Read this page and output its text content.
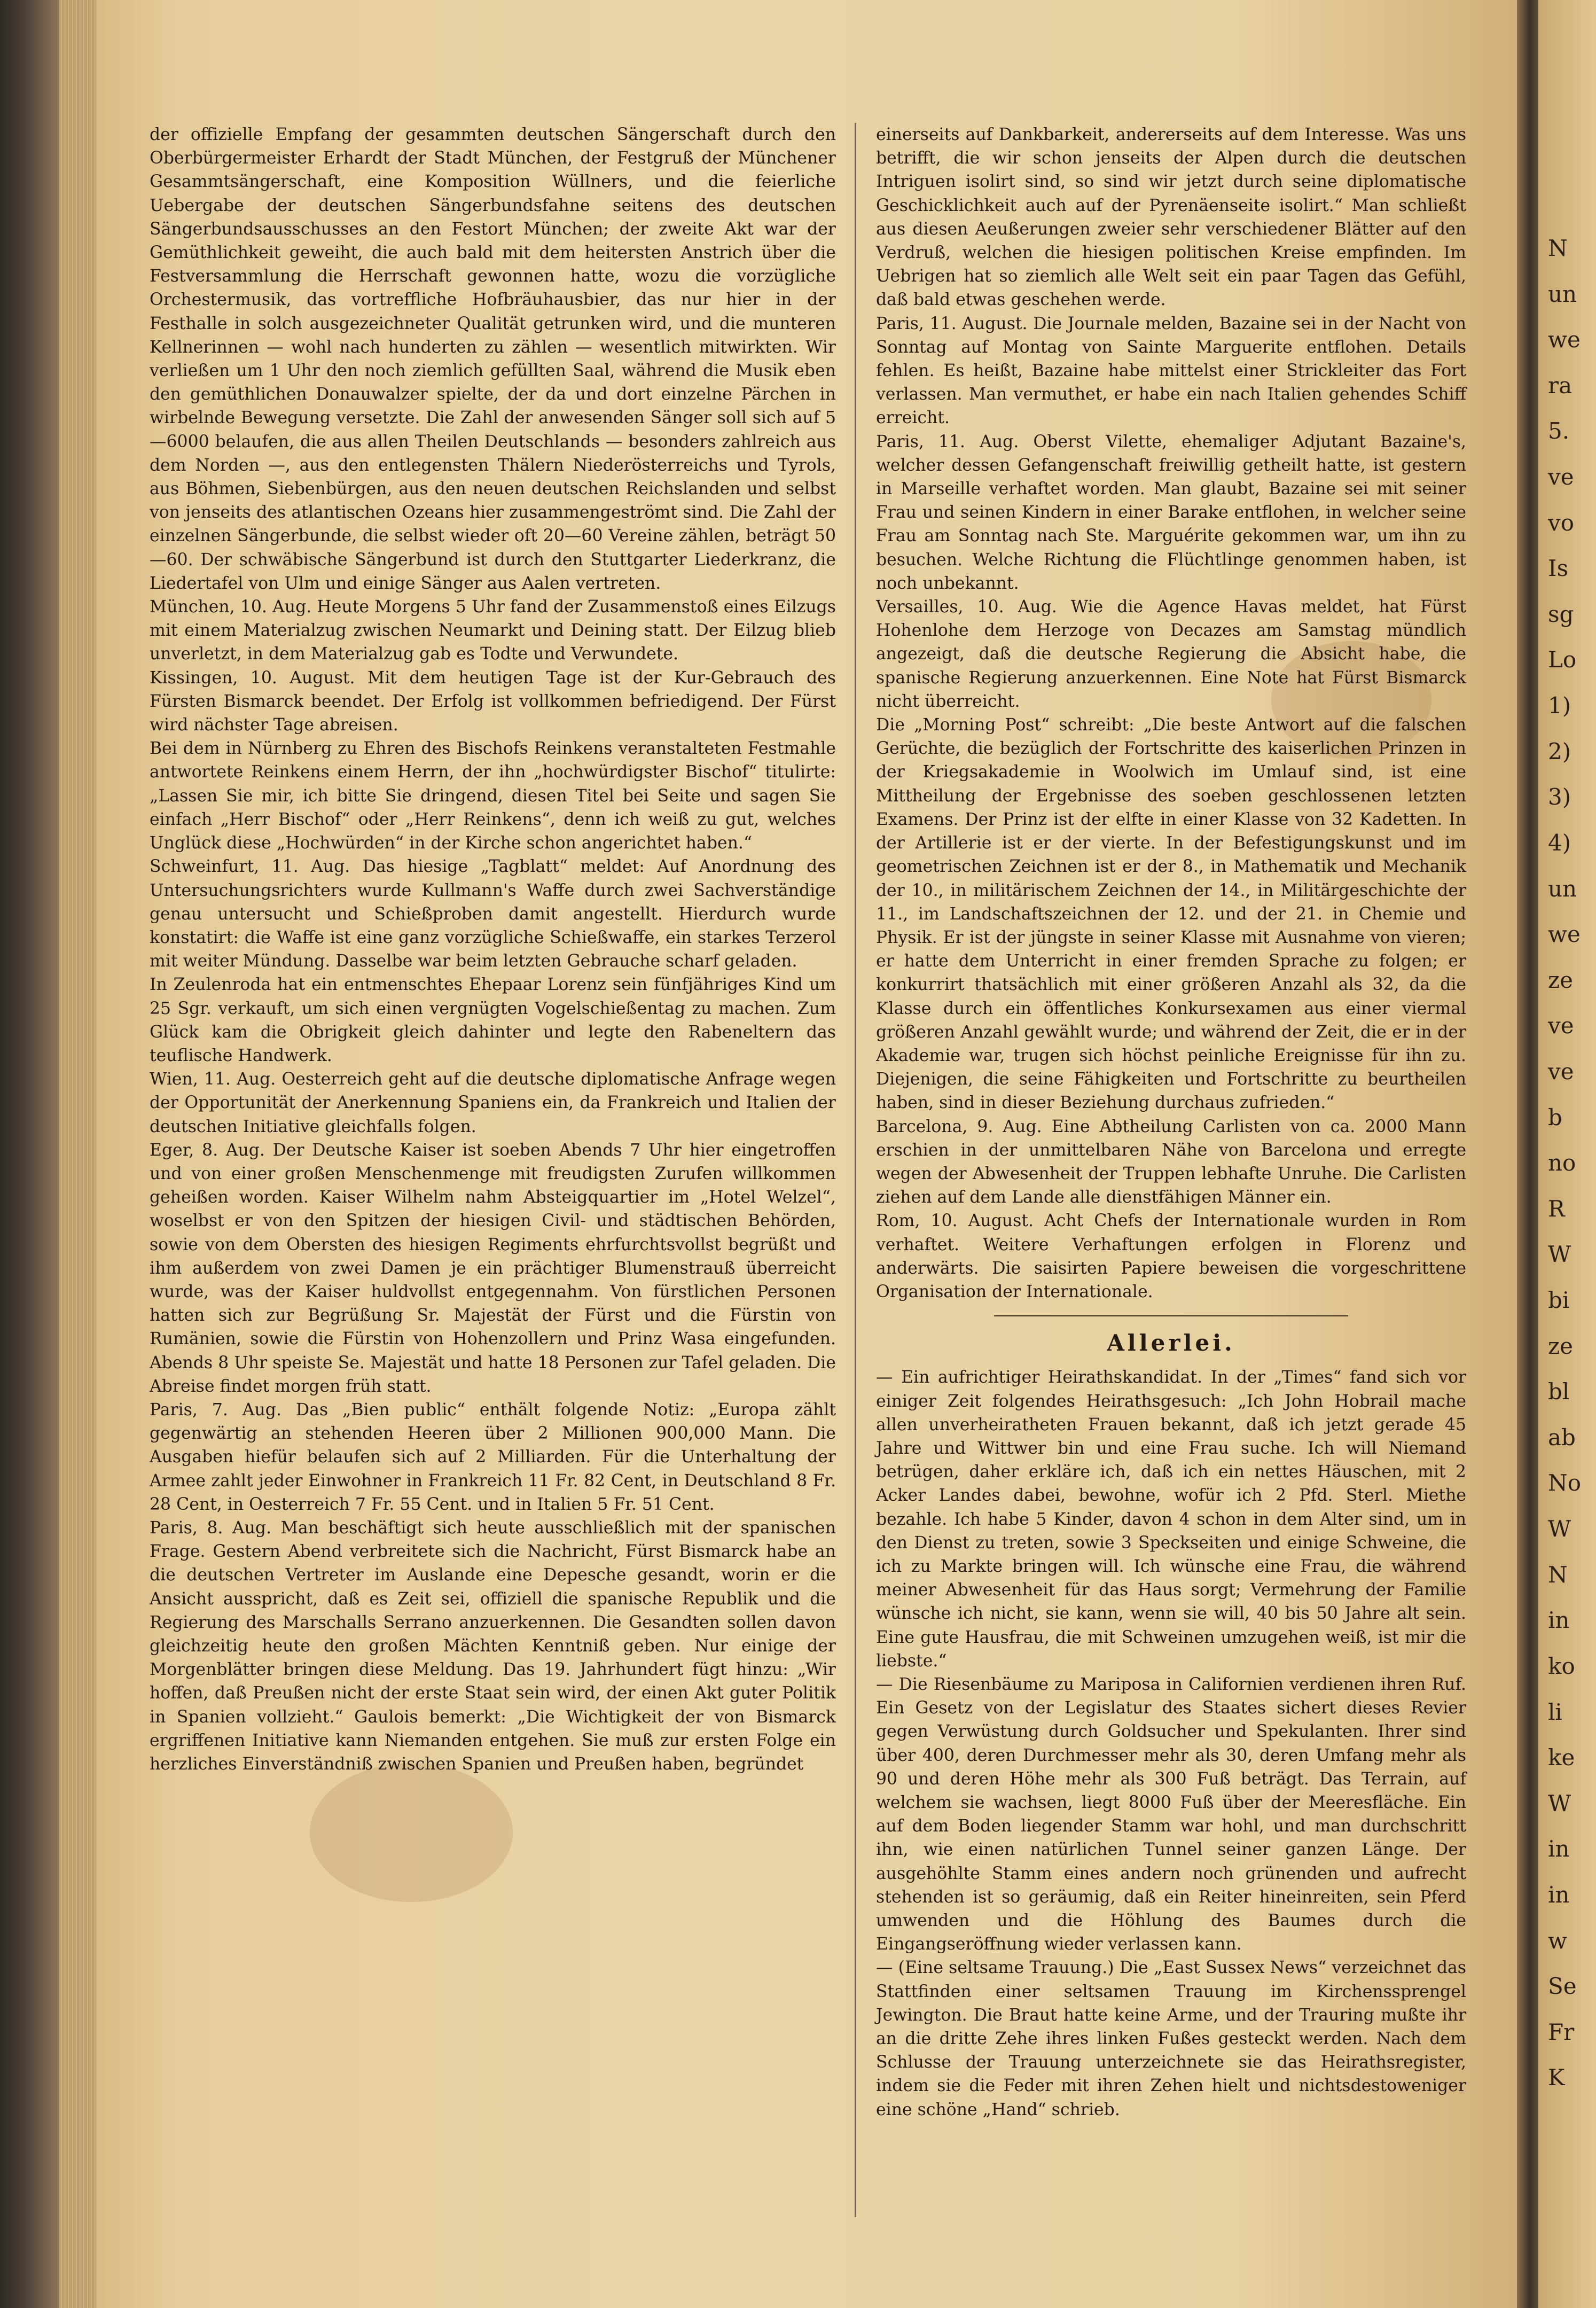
der offizielle Empfang der gesammten deutschen Sängerschaft durch den Oberbürgermeister Erhardt der Stadt München, der Festgruß der Münchener Gesammtsängerschaft, eine Komposition Wüllners, und die feierliche Uebergabe der deutschen Sängerbundsfahne seitens des deutschen Sängerbundsausschusses an den Festort München; der zweite Akt war der Gemüthlichkeit geweiht, die auch bald mit dem heitersten Anstrich über die Festversammlung die Herrschaft gewonnen hatte, wozu die vorzügliche Orchestermusik, das vortreffliche Hofbräuhausbier, das nur hier in der Festhalle in solch ausgezeichneter Qualität getrunken wird, und die munteren Kellnerinnen — wohl nach hunderten zu zählen — wesentlich mitwirkten. Wir verließen um 1 Uhr den noch ziemlich gefüllten Saal, während die Musik eben den gemüthlichen Donauwalzer spielte, der da und dort einzelne Pärchen in wirbelnde Bewegung versetzte. Die Zahl der anwesenden Sänger soll sich auf 5—6000 belaufen, die aus allen Theilen Deutschlands — besonders zahlreich aus dem Norden —, aus den entlegensten Thälern Niederösterreichs und Tyrols, aus Böhmen, Siebenbürgen, aus den neuen deutschen Reichslanden und selbst von jenseits des atlantischen Ozeans hier zusammengeströmt sind. Die Zahl der einzelnen Sängerbunde, die selbst wieder oft 20—60 Vereine zählen, beträgt 50—60. Der schwäbische Sängerbund ist durch den Stuttgarter Liederkranz, die Liedertafel von Ulm und einige Sänger aus Aalen vertreten.

München, 10. Aug. Heute Morgens 5 Uhr fand der Zusammenstoß eines Eilzugs mit einem Materialzug zwischen Neumarkt und Deining statt. Der Eilzug blieb unverletzt, in dem Materialzug gab es Todte und Verwundete.

Kissingen, 10. August. Mit dem heutigen Tage ist der Kur-Gebrauch des Fürsten Bismarck beendet. Der Erfolg ist vollkommen befriedigend. Der Fürst wird nächster Tage abreisen.

Bei dem in Nürnberg zu Ehren des Bischofs Reinkens veranstalteten Festmahle antwortete Reinkens einem Herrn, der ihn „hochwürdigster Bischof“ titulirte: „Lassen Sie mir, ich bitte Sie dringend, diesen Titel bei Seite und sagen Sie einfach „Herr Bischof“ oder „Herr Reinkens“, denn ich weiß zu gut, welches Unglück diese „Hochwürden“ in der Kirche schon angerichtet haben.“

Schweinfurt, 11. Aug. Das hiesige „Tagblatt“ meldet: Auf Anordnung des Untersuchungsrichters wurde Kullmann's Waffe durch zwei Sachverständige genau untersucht und Schießproben damit angestellt. Hierdurch wurde konstatirt: die Waffe ist eine ganz vorzügliche Schießwaffe, ein starkes Terzerol mit weiter Mündung. Dasselbe war beim letzten Gebrauche scharf geladen.

In Zeulenroda hat ein entmenschtes Ehepaar Lorenz sein fünfjähriges Kind um 25 Sgr. verkauft, um sich einen vergnügten Vogelschießentag zu machen. Zum Glück kam die Obrigkeit gleich dahinter und legte den Rabeneltern das teuflische Handwerk.

Wien, 11. Aug. Oesterreich geht auf die deutsche diplomatische Anfrage wegen der Opportunität der Anerkennung Spaniens ein, da Frankreich und Italien der deutschen Initiative gleichfalls folgen.

Eger, 8. Aug. Der Deutsche Kaiser ist soeben Abends 7 Uhr hier eingetroffen und von einer großen Menschenmenge mit freudigsten Zurufen willkommen geheißen worden. Kaiser Wilhelm nahm Absteigquartier im „Hotel Welzel“, woselbst er von den Spitzen der hiesigen Civil- und städtischen Behörden, sowie von dem Obersten des hiesigen Regiments ehrfurchtsvollst begrüßt und ihm außerdem von zwei Damen je ein prächtiger Blumenstrauß überreicht wurde, was der Kaiser huldvollst entgegennahm. Von fürstlichen Personen hatten sich zur Begrüßung Sr. Majestät der Fürst und die Fürstin von Rumänien, sowie die Fürstin von Hohenzollern und Prinz Wasa eingefunden. Abends 8 Uhr speiste Se. Majestät und hatte 18 Personen zur Tafel geladen. Die Abreise findet morgen früh statt.

Paris, 7. Aug. Das „Bien public“ enthält folgende Notiz: „Europa zählt gegenwärtig an stehenden Heeren über 2 Millionen 900,000 Mann. Die Ausgaben hiefür belaufen sich auf 2 Milliarden. Für die Unterhaltung der Armee zahlt jeder Einwohner in Frankreich 11 Fr. 82 Cent, in Deutschland 8 Fr. 28 Cent, in Oesterreich 7 Fr. 55 Cent. und in Italien 5 Fr. 51 Cent.

Paris, 8. Aug. Man beschäftigt sich heute ausschließlich mit der spanischen Frage. Gestern Abend verbreitete sich die Nachricht, Fürst Bismarck habe an die deutschen Vertreter im Auslande eine Depesche gesandt, worin er die Ansicht ausspricht, daß es Zeit sei, offiziell die spanische Republik und die Regierung des Marschalls Serrano anzuerkennen. Die Gesandten sollen davon gleichzeitig heute den großen Mächten Kenntniß geben. Nur einige der Morgenblätter bringen diese Meldung. Das 19. Jahrhundert fügt hinzu: „Wir hoffen, daß Preußen nicht der erste Staat sein wird, der einen Akt guter Politik in Spanien vollzieht.“ Gaulois bemerkt: „Die Wichtigkeit der von Bismarck ergriffenen Initiative kann Niemanden entgehen. Sie muß zur ersten Folge ein herzliches Einverständniß zwischen Spanien und Preußen haben, begründet

einerseits auf Dankbarkeit, andererseits auf dem Interesse. Was uns betrifft, die wir schon jenseits der Alpen durch die deutschen Intriguen isolirt sind, so sind wir jetzt durch seine diplomatische Geschicklichkeit auch auf der Pyrenäenseite isolirt.“ Man schließt aus diesen Aeußerungen zweier sehr verschiedener Blätter auf den Verdruß, welchen die hiesigen politischen Kreise empfinden. Im Uebrigen hat so ziemlich alle Welt seit ein paar Tagen das Gefühl, daß bald etwas geschehen werde.

Paris, 11. August. Die Journale melden, Bazaine sei in der Nacht von Sonntag auf Montag von Sainte Marguerite entflohen. Details fehlen. Es heißt, Bazaine habe mittelst einer Strickleiter das Fort verlassen. Man vermuthet, er habe ein nach Italien gehendes Schiff erreicht.

Paris, 11. Aug. Oberst Vilette, ehemaliger Adjutant Bazaine's, welcher dessen Gefangenschaft freiwillig getheilt hatte, ist gestern in Marseille verhaftet worden. Man glaubt, Bazaine sei mit seiner Frau und seinen Kindern in einer Barake entflohen, in welcher seine Frau am Sonntag nach Ste. Marguérite gekommen war, um ihn zu besuchen. Welche Richtung die Flüchtlinge genommen haben, ist noch unbekannt.

Versailles, 10. Aug. Wie die Agence Havas meldet, hat Fürst Hohenlohe dem Herzoge von Decazes am Samstag mündlich angezeigt, daß die deutsche Regierung die Absicht habe, die spanische Regierung anzuerkennen. Eine Note hat Fürst Bismarck nicht überreicht.

Die „Morning Post“ schreibt: „Die beste Antwort auf die falschen Gerüchte, die bezüglich der Fortschritte des kaiserlichen Prinzen in der Kriegsakademie in Woolwich im Umlauf sind, ist eine Mittheilung der Ergebnisse des soeben geschlossenen letzten Examens. Der Prinz ist der elfte in einer Klasse von 32 Kadetten. In der Artillerie ist er der vierte. In der Befestigungskunst und im geometrischen Zeichnen ist er der 8., in Mathematik und Mechanik der 10., in militärischem Zeichnen der 14., in Militärgeschichte der 11., im Landschaftszeichnen der 12. und der 21. in Chemie und Physik. Er ist der jüngste in seiner Klasse mit Ausnahme von vieren; er hatte dem Unterricht in einer fremden Sprache zu folgen; er konkurrirt thatsächlich mit einer größeren Anzahl als 32, da die Klasse durch ein öffentliches Konkursexamen aus einer viermal größeren Anzahl gewählt wurde; und während der Zeit, die er in der Akademie war, trugen sich höchst peinliche Ereignisse für ihn zu. Diejenigen, die seine Fähigkeiten und Fortschritte zu beurtheilen haben, sind in dieser Beziehung durchaus zufrieden.“

Barcelona, 9. Aug. Eine Abtheilung Carlisten von ca. 2000 Mann erschien in der unmittelbaren Nähe von Barcelona und erregte wegen der Abwesenheit der Truppen lebhafte Unruhe. Die Carlisten ziehen auf dem Lande alle dienstfähigen Männer ein.

Rom, 10. August. Acht Chefs der Internationale wurden in Rom verhaftet. Weitere Verhaftungen erfolgen in Florenz und anderwärts. Die saisirten Papiere beweisen die vorgeschrittene Organisation der Internationale.

Allerlei.

— Ein aufrichtiger Heirathskandidat. In der „Times“ fand sich vor einiger Zeit folgendes Heirathsgesuch: „Ich John Hobrail mache allen unverheiratheten Frauen bekannt, daß ich jetzt gerade 45 Jahre und Wittwer bin und eine Frau suche. Ich will Niemand betrügen, daher erkläre ich, daß ich ein nettes Häuschen, mit 2 Acker Landes dabei, bewohne, wofür ich 2 Pfd. Sterl. Miethe bezahle. Ich habe 5 Kinder, davon 4 schon in dem Alter sind, um in den Dienst zu treten, sowie 3 Speckseiten und einige Schweine, die ich zu Markte bringen will. Ich wünsche eine Frau, die während meiner Abwesenheit für das Haus sorgt; Vermehrung der Familie wünsche ich nicht, sie kann, wenn sie will, 40 bis 50 Jahre alt sein. Eine gute Hausfrau, die mit Schweinen umzugehen weiß, ist mir die liebste.“

— Die Riesenbäume zu Mariposa in Californien verdienen ihren Ruf. Ein Gesetz von der Legislatur des Staates sichert dieses Revier gegen Verwüstung durch Goldsucher und Spekulanten. Ihrer sind über 400, deren Durchmesser mehr als 30, deren Umfang mehr als 90 und deren Höhe mehr als 300 Fuß beträgt. Das Terrain, auf welchem sie wachsen, liegt 8000 Fuß über der Meeresfläche. Ein auf dem Boden liegender Stamm war hohl, und man durchschritt ihn, wie einen natürlichen Tunnel seiner ganzen Länge. Der ausgehöhlte Stamm eines andern noch grünenden und aufrecht stehenden ist so geräumig, daß ein Reiter hineinreiten, sein Pferd umwenden und die Höhlung des Baumes durch die Eingangseröffnung wieder verlassen kann.

— (Eine seltsame Trauung.) Die „East Sussex News“ verzeichnet das Stattfinden einer seltsamen Trauung im Kirchenssprengel Jewington. Die Braut hatte keine Arme, und der Trauring mußte ihr an die dritte Zehe ihres linken Fußes gesteckt werden. Nach dem Schlusse der Trauung unterzeichnete sie das Heirathsregister, indem sie die Feder mit ihren Zehen hielt und nichtsdestoweniger eine schöne „Hand“ schrieb.

N
un
we
ra
5.
ve
vo
Is
sg
Lo
1)
2)
3)
4)
un
we
ze
ve
ve
b
no
R
W
bi
ze
bl
ab
No
W
N
in
ko
li
ke
W
in
in
w
Se
Fr
K
